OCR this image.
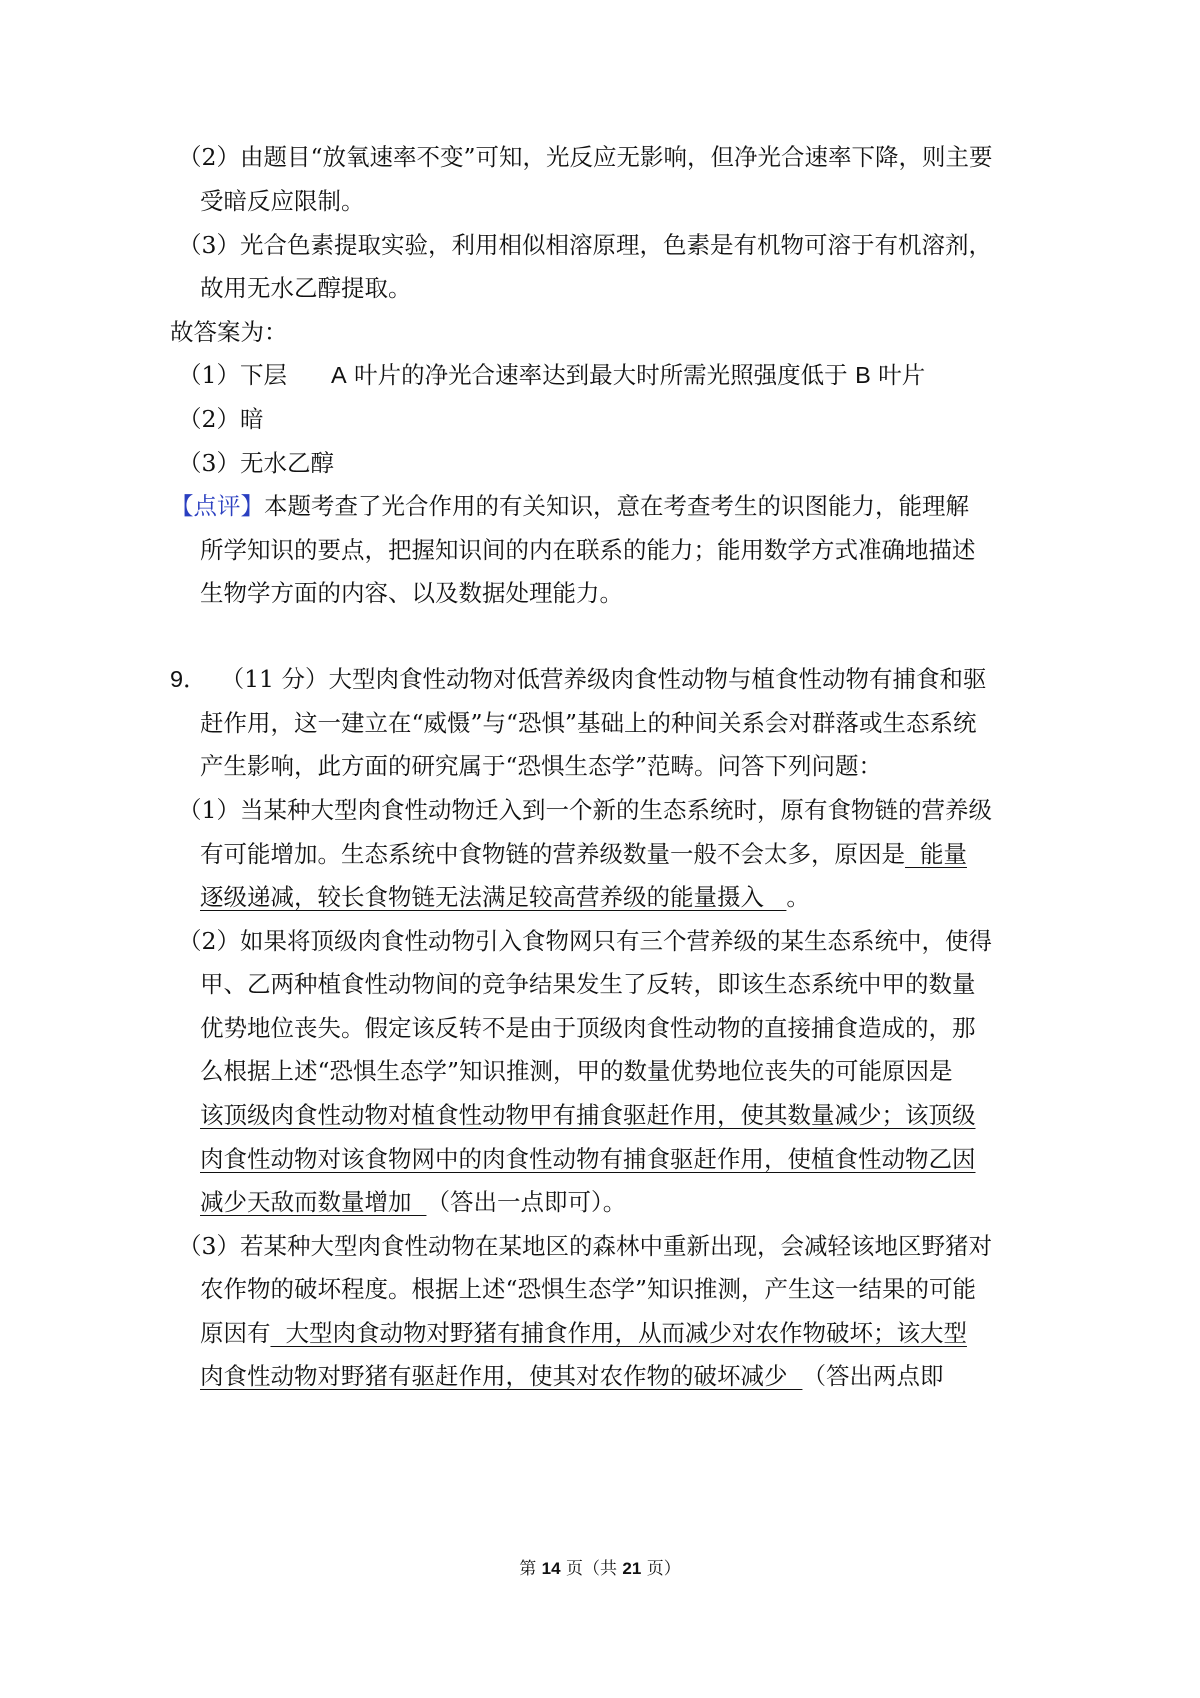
（2）由题目“放氧速率不变”可知，光反应无影响，但净光合速率下降，则主要
受暗反应限制。
（3）光合色素提取实验，利用相似相溶原理，色素是有机物可溶于有机溶剂，
故用无水乙醇提取。
故答案为：
（1）下层 A 叶片的净光合速率达到最大时所需光照强度低于 B 叶片
（2）暗
（3）无水乙醇
【点评】本题考查了光合作用的有关知识，意在考查考生的识图能力，能理解
所学知识的要点，把握知识间的内在联系的能力；能用数学方式准确地描述
生物学方面的内容、以及数据处理能力。
9． （11 分）大型肉食性动物对低营养级肉食性动物与植食性动物有捕食和驱
赶作用，这一建立在“威慑”与“恐惧”基础上的种间关系会对群落或生态系统
产生影响，此方面的研究属于“恐惧生态学”范畴。问答下列问题：
（1）当某种大型肉食性动物迁入到一个新的生态系统时，原有食物链的营养级
有可能增加。生态系统中食物链的营养级数量一般不会太多，原因是  能量
逐级递减，较长食物链无法满足较高营养级的能量摄入   。
（2）如果将顶级肉食性动物引入食物网只有三个营养级的某生态系统中，使得
甲、乙两种植食性动物间的竞争结果发生了反转，即该生态系统中甲的数量
优势地位丧失。假定该反转不是由于顶级肉食性动物的直接捕食造成的，那
么根据上述“恐惧生态学”知识推测，甲的数量优势地位丧失的可能原因是
该顶级肉食性动物对植食性动物甲有捕食驱赶作用，使其数量减少；该顶级
肉食性动物对该食物网中的肉食性动物有捕食驱赶作用，使植食性动物乙因
减少天敌而数量增加  （答出一点即可）。
（3）若某种大型肉食性动物在某地区的森林中重新出现，会减轻该地区野猪对
农作物的破坏程度。根据上述“恐惧生态学”知识推测，产生这一结果的可能
原因有  大型肉食动物对野猪有捕食作用，从而减少对农作物破坏；该大型
肉食性动物对野猪有驱赶作用，使其对农作物的破坏减少  （答出两点即
第 14 页（共 21 页）
